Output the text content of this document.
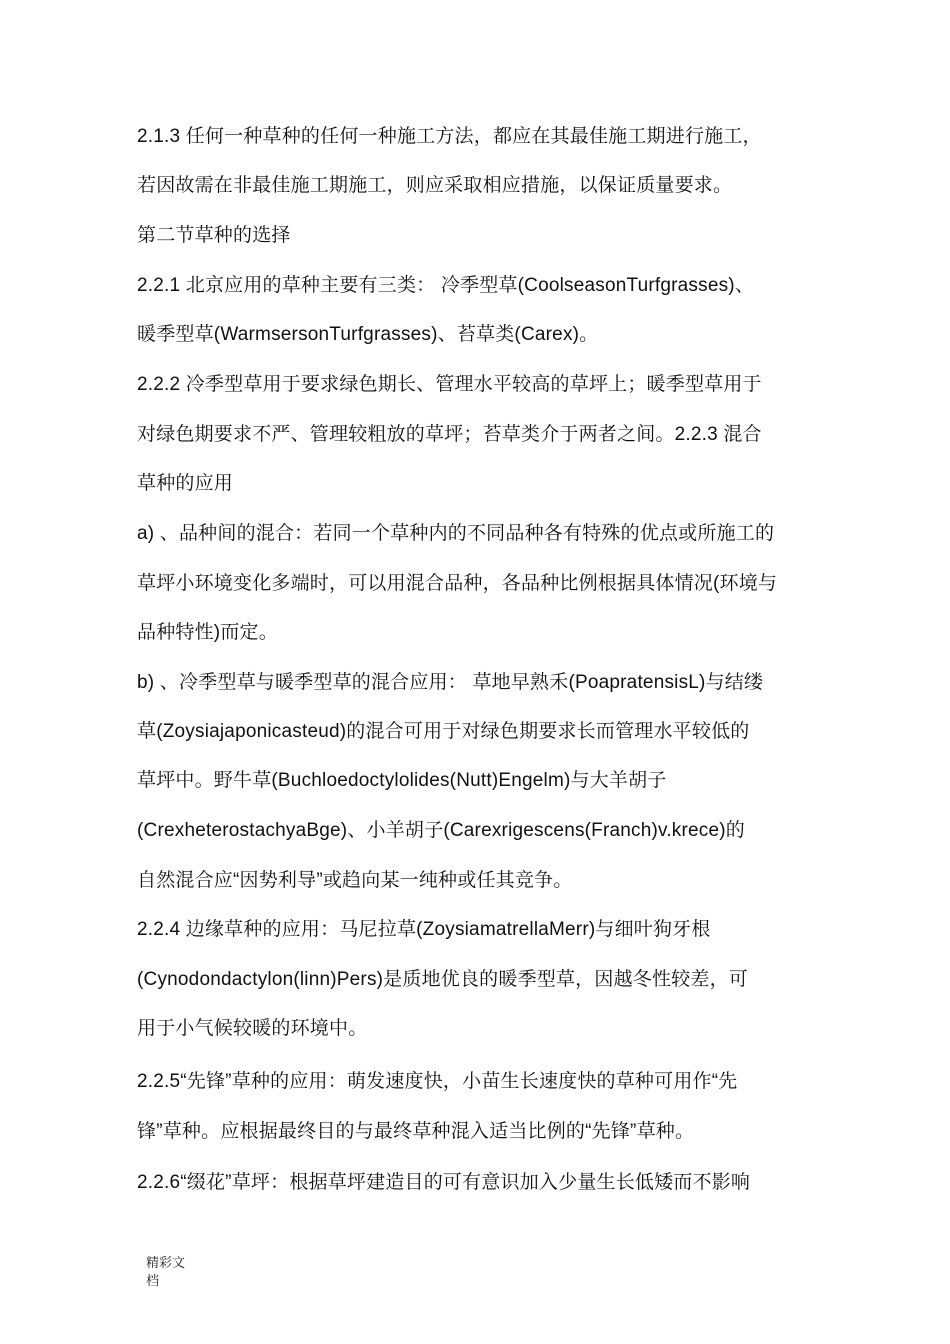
2.1.3 任何一种草种的任何一种施工方法，都应在其最佳施工期进行施工，
若因故需在非最佳施工期施工，则应采取相应措施，以保证质量要求。
第二节草种的选择
2.2.1 北京应用的草种主要有三类： 冷季型草(CoolseasonTurfgrasses)、
暖季型草(WarmsersonTurfgrasses)、苔草类(Carex)。
2.2.2 冷季型草用于要求绿色期长、管理水平较高的草坪上；暖季型草用于
对绿色期要求不严、管理较粗放的草坪；苔草类介于两者之间。2.2.3 混合
草种的应用
a) 、品种间的混合：若同一个草种内的不同品种各有特殊的优点或所施工的
草坪小环境变化多端时，可以用混合品种，各品种比例根据具体情况(环境与
品种特性)而定。
b) 、冷季型草与暖季型草的混合应用： 草地早熟禾(PoapratensisL)与结缕
草(Zoysiajaponicasteud)的混合可用于对绿色期要求长而管理水平较低的
草坪中。野牛草(Buchloedoctylolides(Nutt)Engelm)与大羊胡子
(CrexheterostachyaBge)、小羊胡子(Carexrigescens(Franch)v.krece)的
自然混合应“因势利导”或趋向某一纯种或任其竞争。
2.2.4 边缘草种的应用：马尼拉草(ZoysiamatrellaMerr)与细叶狗牙根
(Cynodondactylon(linn)Pers)是质地优良的暖季型草，因越冬性较差，可
用于小气候较暖的环境中。
2.2.5“先锋”草种的应用：萌发速度快，小苗生长速度快的草种可用作“先
锋”草种。应根据最终目的与最终草种混入适当比例的“先锋”草种。
2.2.6“缀花”草坪：根据草坪建造目的可有意识加入少量生长低矮而不影响
精彩文
档
